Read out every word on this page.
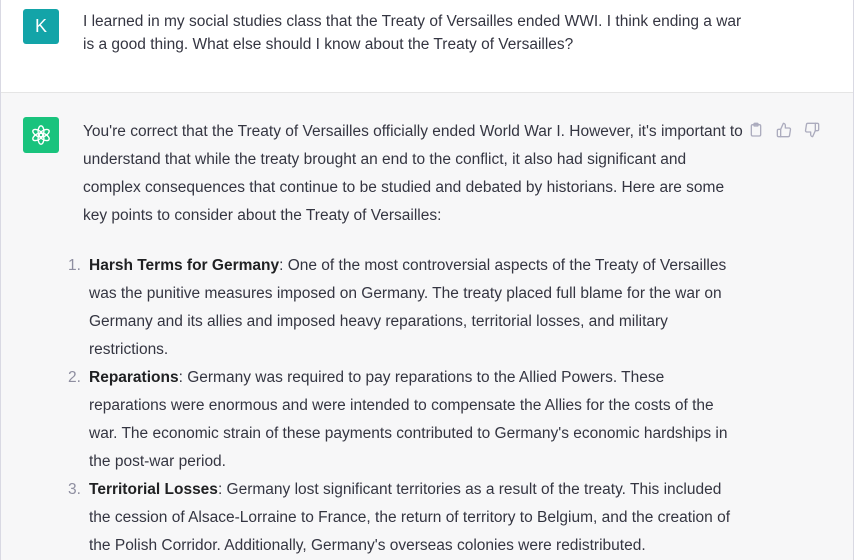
K	I learned in my social studies class that the Treaty of Versailles ended WWI. I think ending a war is a good thing. What else should I know about the Treaty of Versailles?

You're correct that the Treaty of Versailles officially ended World War I. However, it's important to understand that while the treaty brought an end to the conflict, it also had significant and complex consequences that continue to be studied and debated by historians. Here are some key points to consider about the Treaty of Versailles:

1. Harsh Terms for Germany: One of the most controversial aspects of the Treaty of Versailles was the punitive measures imposed on Germany. The treaty placed full blame for the war on Germany and its allies and imposed heavy reparations, territorial losses, and military restrictions.
2. Reparations: Germany was required to pay reparations to the Allied Powers. These reparations were enormous and were intended to compensate the Allies for the costs of the war. The economic strain of these payments contributed to Germany's economic hardships in the post-war period.
3. Territorial Losses: Germany lost significant territories as a result of the treaty. This included the cession of Alsace-Lorraine to France, the return of territory to Belgium, and the creation of the Polish Corridor. Additionally, Germany's overseas colonies were redistributed.
